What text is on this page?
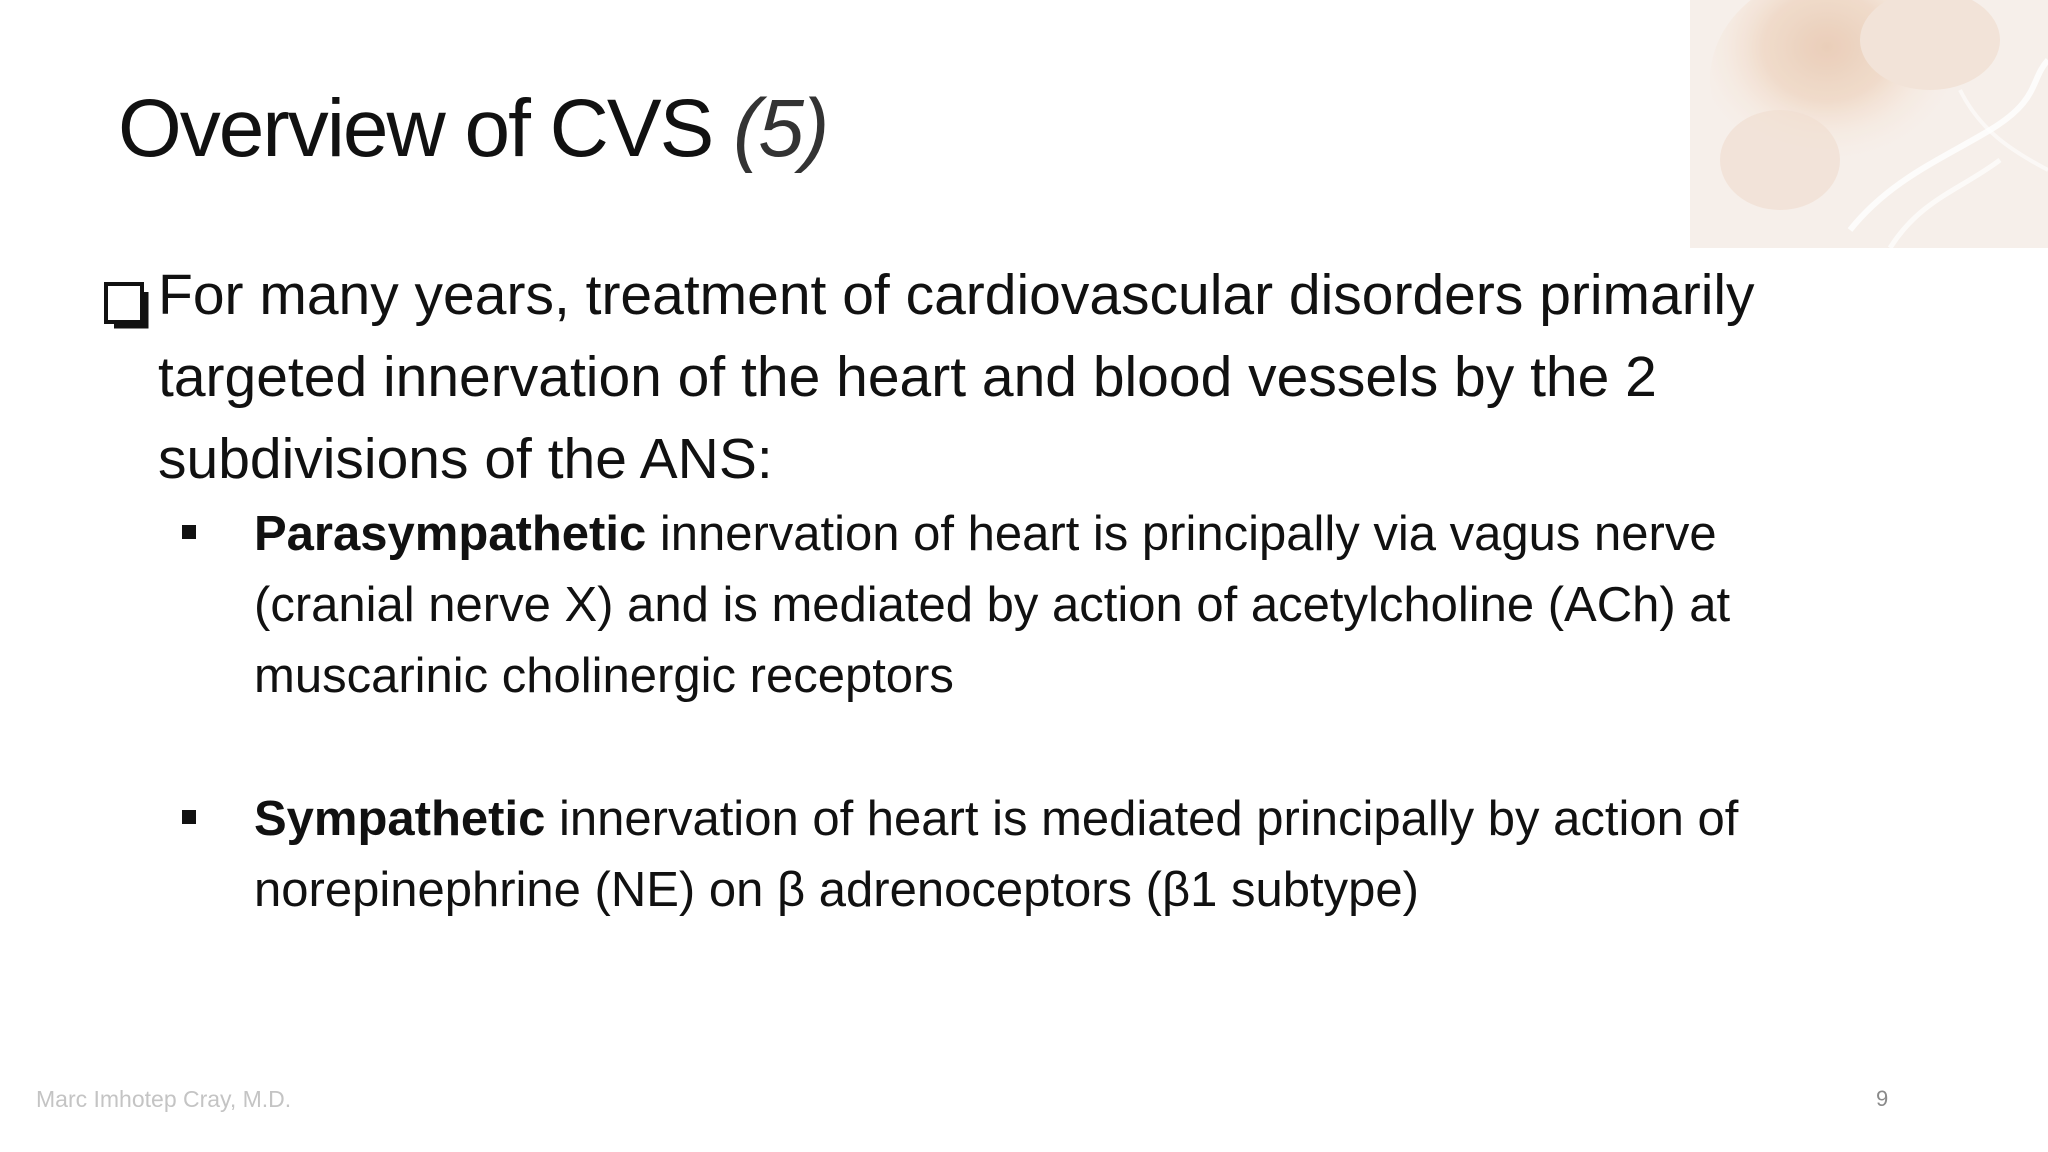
Overview of CVS (5)
For many years, treatment of cardiovascular disorders primarily
targeted innervation of the heart and blood vessels by the 2
subdivisions of the ANS:
Parasympathetic innervation of heart is principally via vagus nerve
(cranial nerve X) and is mediated by action of acetylcholine (ACh) at
muscarinic cholinergic receptors
Sympathetic innervation of heart is mediated principally by action of
norepinephrine (NE) on β adrenoceptors (β1 subtype)
Marc Imhotep Cray, M.D.	9
